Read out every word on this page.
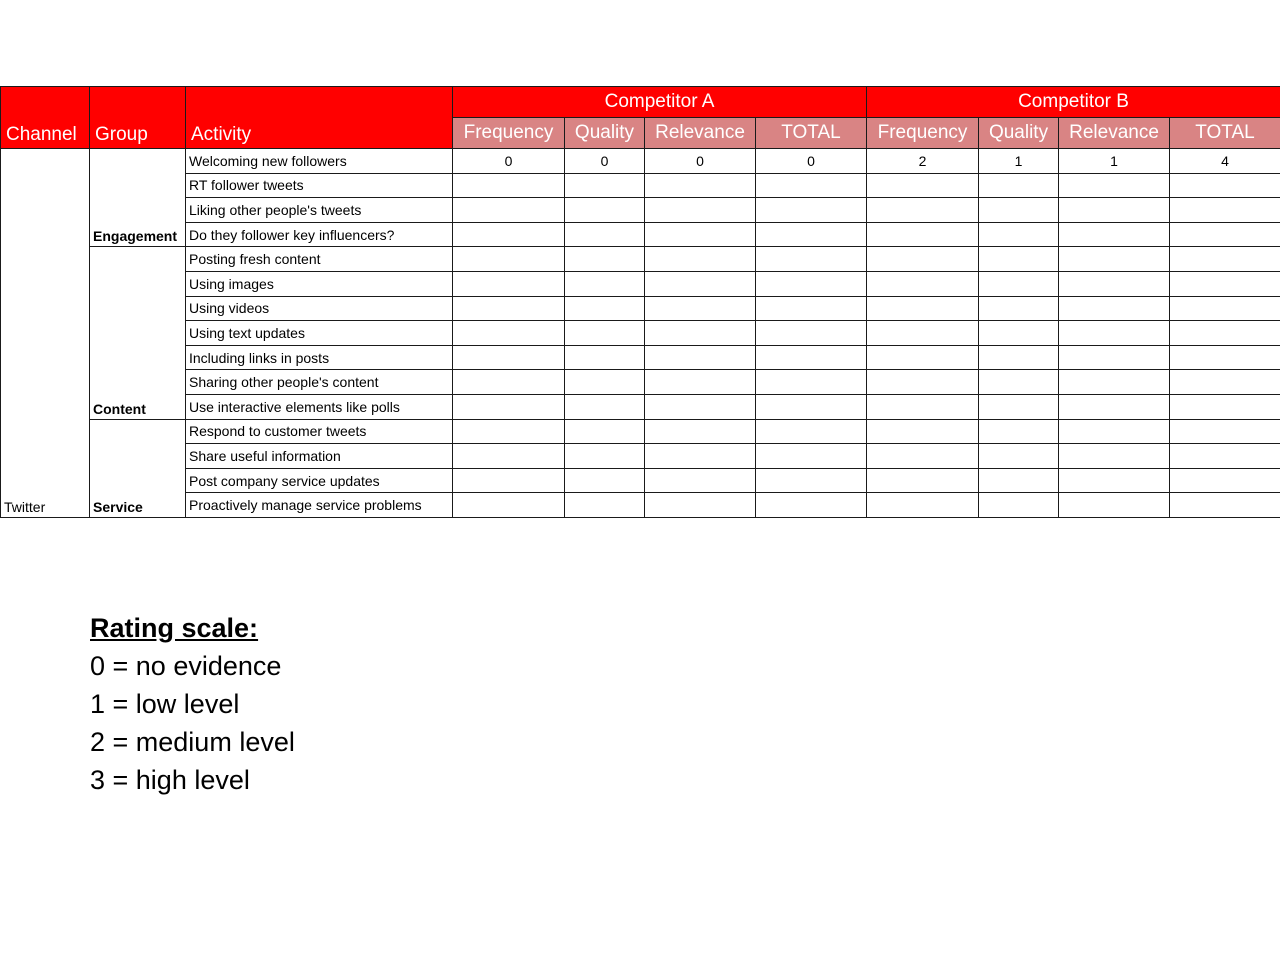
Channel	Group	Activity	Competitor A				Competitor B			
			Frequency	Quality	Relevance	TOTAL	Frequency	Quality	Relevance	TOTAL
Twitter	Engagement	Welcoming new followers	0	0	0	0	2	1	1	4
		RT follower tweets								
		Liking other people's tweets								
		Do they follower key influencers?								
	Content	Posting fresh content								
		Using images								
		Using videos								
		Using text updates								
		Including links in posts								
		Sharing other people's content								
		Use interactive elements like polls								
	Service	Respond to customer tweets								
		Share useful information								
		Post company service updates								
		Proactively manage service problems								
Rating scale:
0 = no evidence
1 = low level
2 = medium level
3 = high level
